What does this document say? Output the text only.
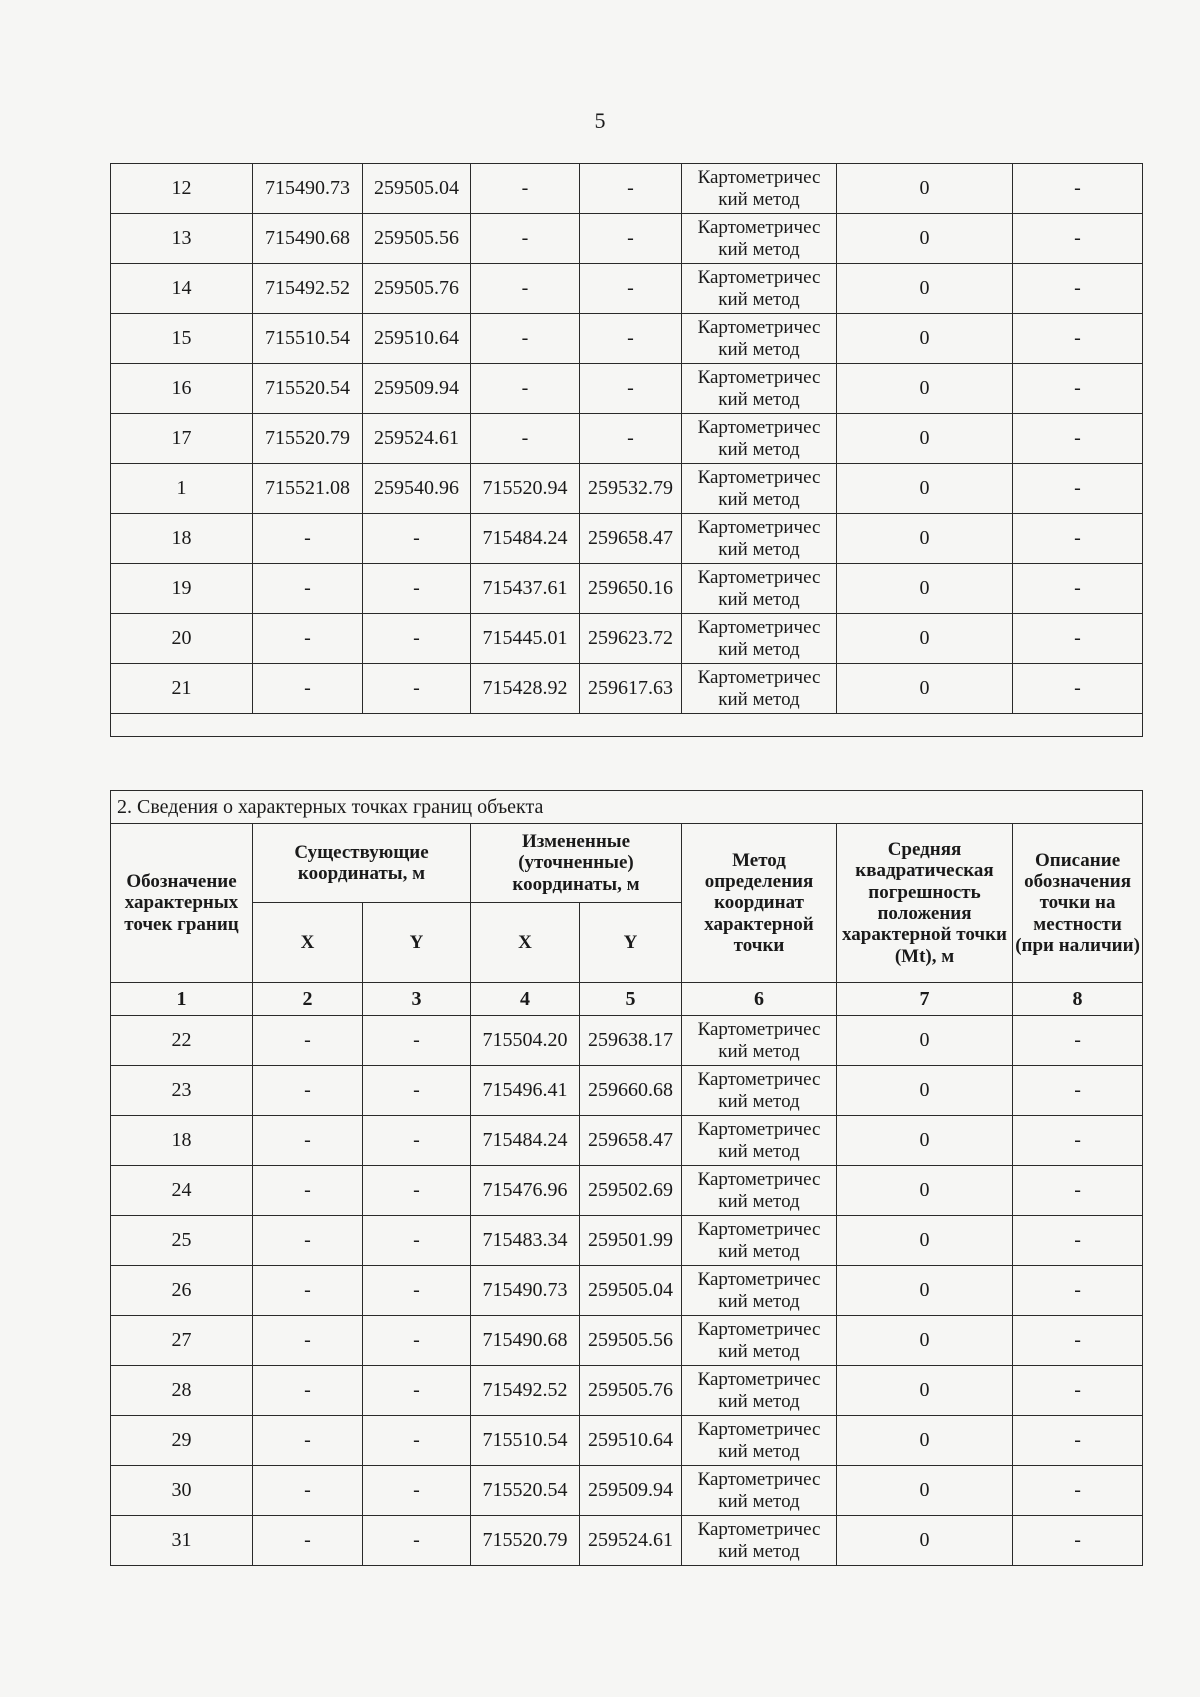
5
12	715490.73	259505.04	-	-	Картометричес кий метод	0	-
13	715490.68	259505.56	-	-	Картометричес кий метод	0	-
14	715492.52	259505.76	-	-	Картометричес кий метод	0	-
15	715510.54	259510.64	-	-	Картометричес кий метод	0	-
16	715520.54	259509.94	-	-	Картометричес кий метод	0	-
17	715520.79	259524.61	-	-	Картометричес кий метод	0	-
1	715521.08	259540.96	715520.94	259532.79	Картометричес кий метод	0	-
18	-	-	715484.24	259658.47	Картометричес кий метод	0	-
19	-	-	715437.61	259650.16	Картометричес кий метод	0	-
20	-	-	715445.01	259623.72	Картометричес кий метод	0	-
21	-	-	715428.92	259617.63	Картометричес кий метод	0	-

2. Сведения о характерных точках границ объекта							
Обозначение характерных точек границ	Существующие координаты, м		Измененные (уточненные) координаты, м		Метод определения координат характерной точки	Средняя квадратическая погрешность положения характерной точки (Mt), м	Описание обозначения точки на местности (при наличии)
	X	Y	X	Y			
1	2	3	4	5	6	7	8
22	-	-	715504.20	259638.17	Картометричес кий метод	0	-
23	-	-	715496.41	259660.68	Картометричес кий метод	0	-
18	-	-	715484.24	259658.47	Картометричес кий метод	0	-
24	-	-	715476.96	259502.69	Картометричес кий метод	0	-
25	-	-	715483.34	259501.99	Картометричес кий метод	0	-
26	-	-	715490.73	259505.04	Картометричес кий метод	0	-
27	-	-	715490.68	259505.56	Картометричес кий метод	0	-
28	-	-	715492.52	259505.76	Картометричес кий метод	0	-
29	-	-	715510.54	259510.64	Картометричес кий метод	0	-
30	-	-	715520.54	259509.94	Картометричес кий метод	0	-
31	-	-	715520.79	259524.61	Картометричес кий метод	0	-
